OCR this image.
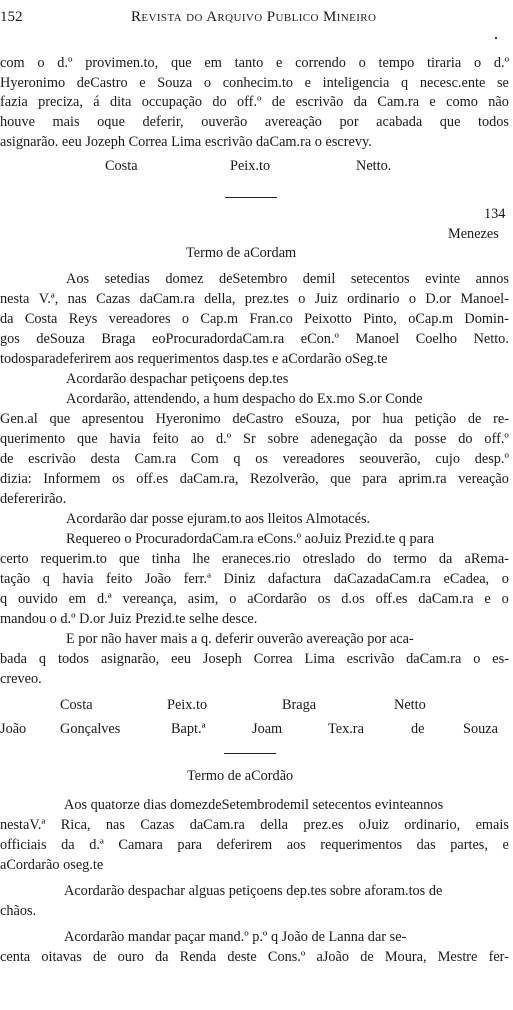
152	Revista do Arquivo Publico Mineiro
com o d.º provimen.to, que em tanto e correndo o tempo tiraria o d.º
Hyeronimo deCastro e Souza o conhecim.to e inteligencia q necesc.ente se
fazia preciza, á dita occupação do off.º de escrivão da Cam.ra e como não
houve mais oque deferir, ouverão avereação por acabada que todos
asignarão. eeu Jozeph Correa Lima escrivão daCam.ra o escrevy.
Costa	Peix.to	Netto.
134
Menezes
Termo de aCordam
Aos setedias domez deSetembro demil setecentos evinte annos
nesta V.ª, nas Cazas daCam.ra della, prez.tes o Juiz ordinario o D.or Manoel-
da Costa Reys vereadores o Cap.m Fran.co Peixotto Pinto, oCap.m Domin-
gos deSouza Braga eoProcuradordaCam.ra eCon.º Manoel Coelho Netto.
todosparadeferirem aos requerimentos dasp.tes e aCordarão oSeg.te
Acordarão despachar petiçoens dep.tes
Acordarão, attendendo, a hum despacho do Ex.mo S.or Conde
Gen.al que apresentou Hyeronimo deCastro eSouza, por hua petição de re-
querimento que havia feito ao d.º Sr sobre adenegação da posse do off.º
de escrivão desta Cam.ra Com q os vereadores seouverão, cujo desp.º
dizia: Informem os off.es daCam.ra, Rezolverão, que para aprim.ra vereação
defererirão.
Acordarão dar posse ejuram.to aos lleitos Almotacés.
Requereo o ProcuradordaCam.ra eCons.º aoJuiz Prezid.te q para
certo requerim.to que tinha lhe eraneces.rio otreslado do termo da aRema-
tação q havia feito João ferr.ª Diniz dafactura daCazadaCam.ra eCadea, o
q ouvido em d.ª vereança, asim, o aCordarão os d.os off.es daCam.ra e o
mandou o d.º D.or Juiz Prezid.te selhe desce.
E por não haver mais a q. deferir ouverão avereação por aca-
bada q todos asignarão, eeu Joseph Correa Lima escrivão daCam.ra o es-
creveo.
Costa	Peix.to	Braga	Netto
João Gonçalves	Bapt.ª	Joam	Tex.ra	de	Souza
Termo de aCordão
Aos quatorze dias domezdeSetembrodemil setecentos evinteannos
nestaV.ª Rica, nas Cazas daCam.ra della prez.es oJuiz ordinario, emais
officiais da d.ª Camara para deferirem aos requerimentos das partes, e
aCordarão oseg.te
Acordarão despachar alguas petiçoens dep.tes sobre aforam.tos de
chãos.
Acordarão mandar paçar mand.º p.º q João de Lanna dar se-
centa oitavas de ouro da Renda deste Cons.º aJoão de Moura, Mestre fer-
